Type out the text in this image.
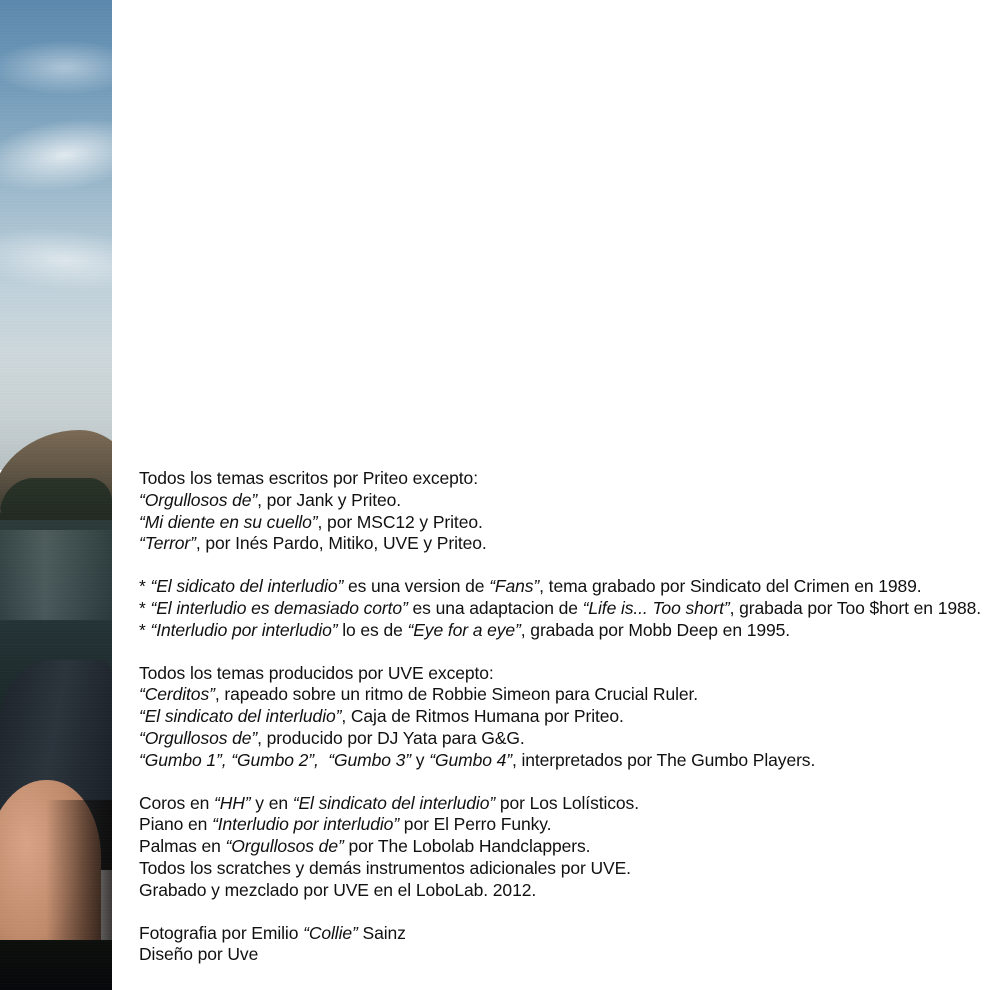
Todos los temas escritos por Priteo excepto:
“Orgullosos de”, por Jank y Priteo.
“Mi diente en su cuello”, por MSC12 y Priteo.
“Terror”, por Inés Pardo, Mitiko, UVE y Priteo.
* “El sidicato del interludio” es una version de “Fans”, tema grabado por Sindicato del Crimen en 1989.
* “El interludio es demasiado corto” es una adaptacion de “Life is... Too short”, grabada por Too $hort en 1988.
* “Interludio por interludio” lo es de “Eye for a eye”, grabada por Mobb Deep en 1995.
Todos los temas producidos por UVE excepto:
“Cerditos”, rapeado sobre un ritmo de Robbie Simeon para Crucial Ruler.
“El sindicato del interludio”, Caja de Ritmos Humana por Priteo.
“Orgullosos de”, producido por DJ Yata para G&G.
“Gumbo 1”, “Gumbo 2”,  “Gumbo 3” y “Gumbo 4”, interpretados por The Gumbo Players.
Coros en “HH” y en “El sindicato del interludio” por Los Lolísticos.
Piano en “Interludio por interludio” por El Perro Funky.
Palmas en “Orgullosos de” por The Lobolab Handclappers.
Todos los scratches y demás instrumentos adicionales por UVE.
Grabado y mezclado por UVE en el LoboLab. 2012.
Fotografia por Emilio “Collie” Sainz
Diseño por Uve
